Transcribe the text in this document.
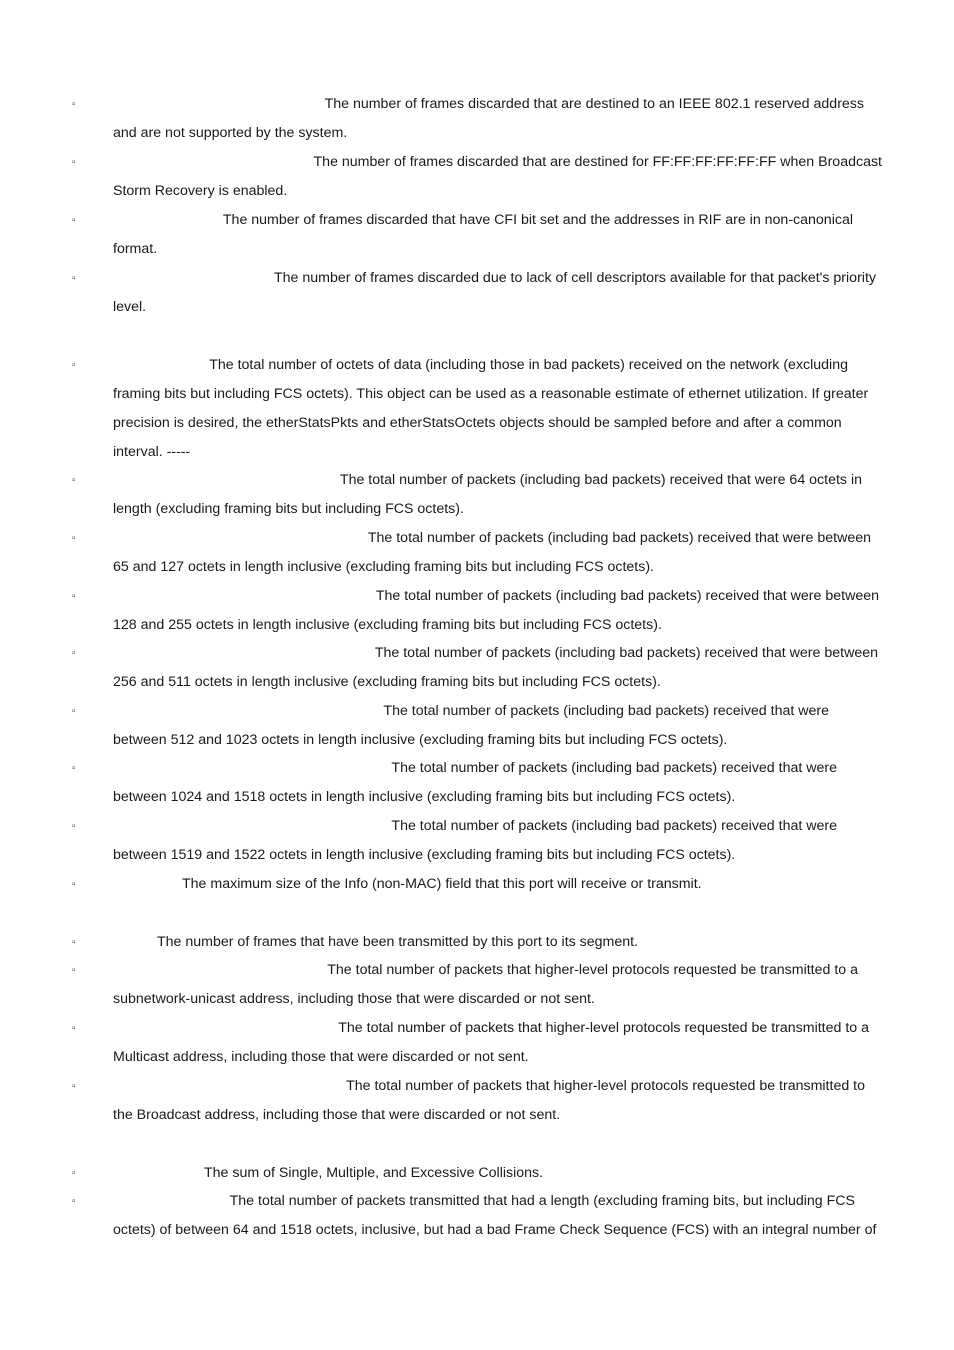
▫	The number of frames discarded that are destined to an IEEE 802.1 reserved address
and are not supported by the system.

▫	The number of frames discarded that are destined for FF:FF:FF:FF:FF:FF when Broadcast
Storm Recovery is enabled.

▫	The number of frames discarded that have CFI bit set and the addresses in RIF are in non-canonical
format.

▫	The number of frames discarded due to lack of cell descriptors available for that packet's priority
level.

▫	The total number of octets of data (including those in bad packets) received on the network (excluding
framing bits but including FCS octets). This object can be used as a reasonable estimate of ethernet utilization. If greater precision is desired, the etherStatsPkts and etherStatsOctets objects should be sampled before and after a common interval. -----

▫	The total number of packets (including bad packets) received that were 64 octets in
length (excluding framing bits but including FCS octets).

▫	The total number of packets (including bad packets) received that were between
65 and 127 octets in length inclusive (excluding framing bits but including FCS octets).

▫	The total number of packets (including bad packets) received that were between
128 and 255 octets in length inclusive (excluding framing bits but including FCS octets).

▫	The total number of packets (including bad packets) received that were between
256 and 511 octets in length inclusive (excluding framing bits but including FCS octets).

▫	The total number of packets (including bad packets) received that were
between 512 and 1023 octets in length inclusive (excluding framing bits but including FCS octets).

▫	The total number of packets (including bad packets) received that were
between 1024 and 1518 octets in length inclusive (excluding framing bits but including FCS octets).

▫	The total number of packets (including bad packets) received that were
between 1519 and 1522 octets in length inclusive (excluding framing bits but including FCS octets).

▫	The maximum size of the Info (non-MAC) field that this port will receive or transmit.

▫	The number of frames that have been transmitted by this port to its segment.

▫	The total number of packets that higher-level protocols requested be transmitted to a
subnetwork-unicast address, including those that were discarded or not sent.

▫	The total number of packets that higher-level protocols requested be transmitted to a
Multicast address, including those that were discarded or not sent.

▫	The total number of packets that higher-level protocols requested be transmitted to
the Broadcast address, including those that were discarded or not sent.

▫	The sum of Single, Multiple, and Excessive Collisions.

▫	The total number of packets transmitted that had a length (excluding framing bits, but including FCS
octets) of between 64 and 1518 octets, inclusive, but had a bad Frame Check Sequence (FCS) with an integral number of
